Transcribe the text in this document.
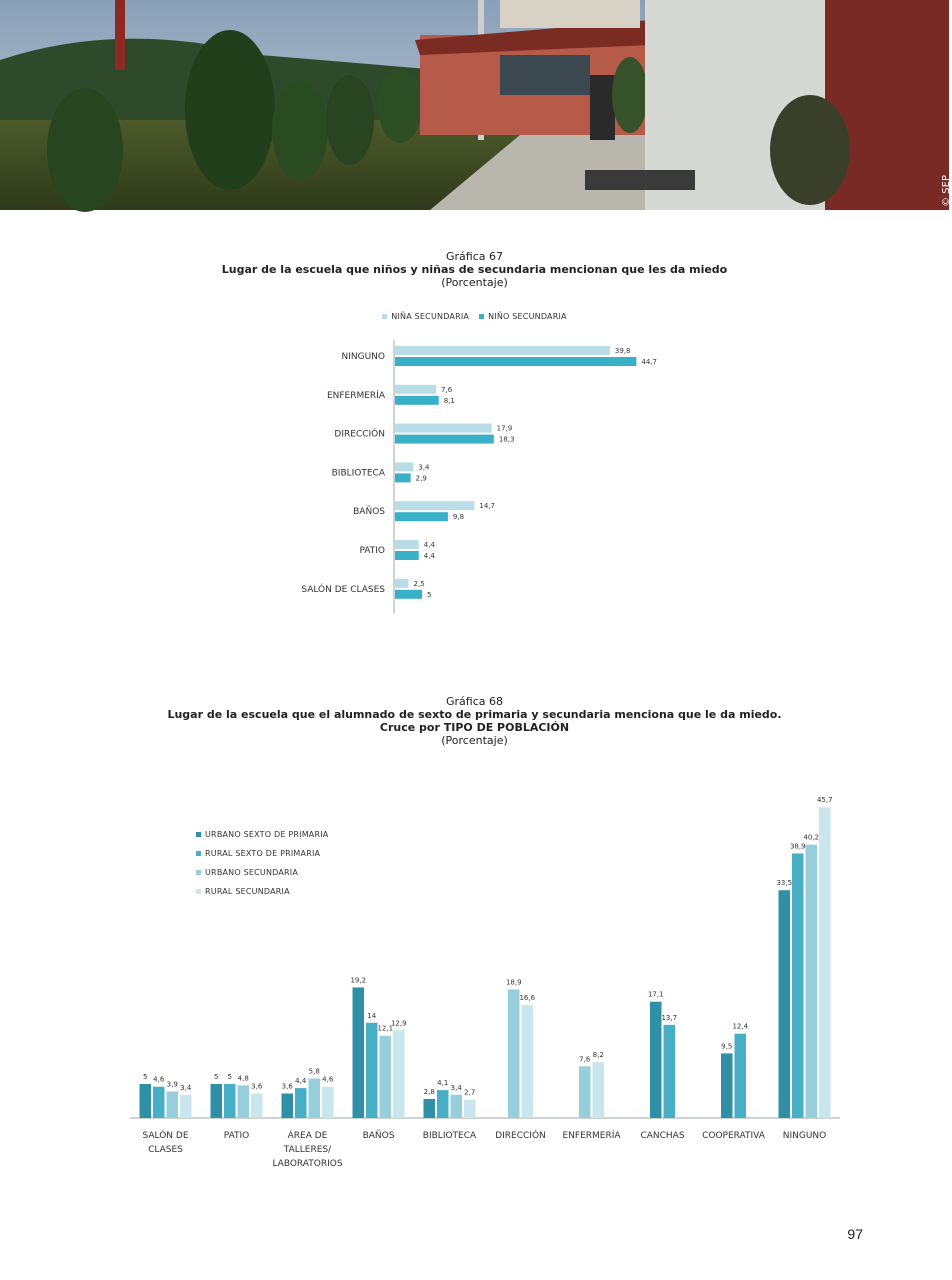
© SEP
Gráfica 67
Lugar de la escuela que niños y niñas de secundaria mencionan que les da miedo
(Porcentaje)
NIÑA SECUNDARIA NIÑO SECUNDARIA
NINGUNO
39,8
44,7
ENFERMERÍA
7,6
8,1
DIRECCIÓN
17,9
18,3
BIBLIOTECA
3,4
2,9
BAÑOS
14,7
9,8
PATIO
4,4
4,4
SALÓN DE CLASES
2,5
5
Gráfica 68
Lugar de la escuela que el alumnado de sexto de primaria y secundaria menciona que le da miedo.
Cruce por TIPO DE POBLACIÓN
(Porcentaje)
5 4,6
3,9 3,4
SALÓN DE
CLASES
5 5 4,8
3,6
PATIO
3,6
4,4
5,8
4,6
ÁREA DE
TALLERES/
LABORATORIOS
19,2
14
12,1
12,9
BAÑOS
2,8
4,1
3,4
2,7
BIBLIOTECA
18,9
16,6
DIRECCIÓN
7,6
8,2
ENFERMERÍA
17,1
13,7
CANCHAS
9,5
12,4
COOPERATIVA
33,5
38,9
40,2
45,7
NINGUNO
URBANO SEXTO DE PRIMARIA
RURAL SEXTO DE PRIMARIA
URBANO SECUNDARIA
RURAL SECUNDARIA
97
